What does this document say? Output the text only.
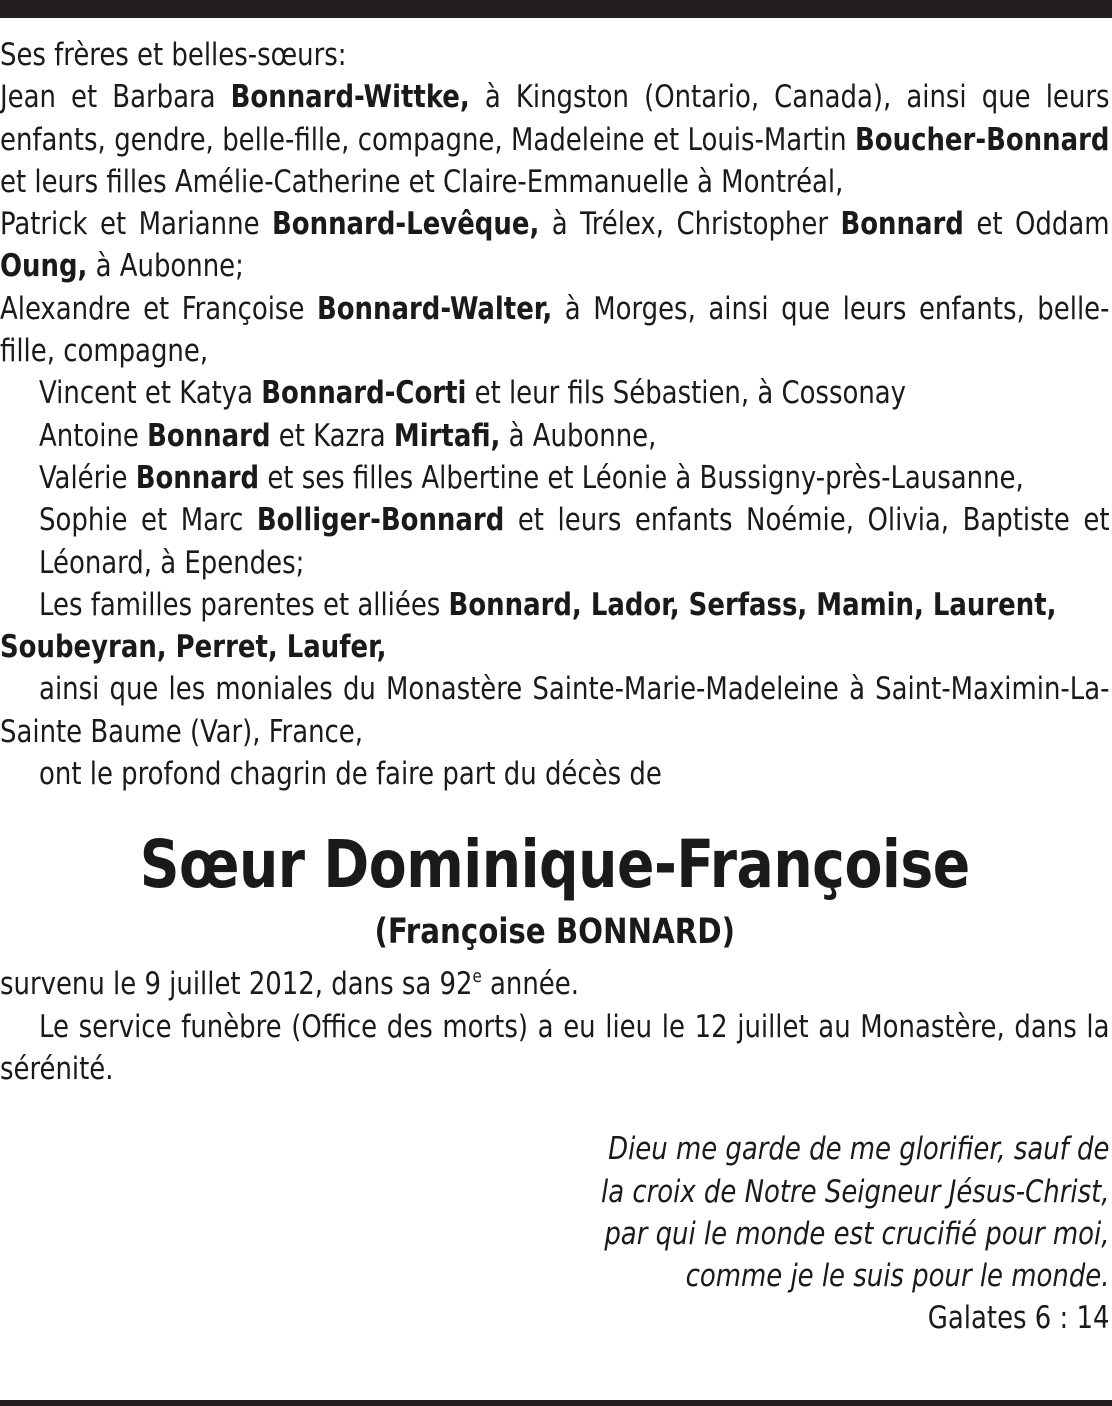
Ses frères et belles-sœurs:

Jean et Barbara Bonnard-Wittke, à Kingston (Ontario, Canada), ainsi que leurs enfants, gendre, belle-fille, compagne, Madeleine et Louis-Martin Boucher-Bonnard et leurs filles Amélie-Catherine et Claire-Emmanuelle à Montréal,

Patrick et Marianne Bonnard-Levêque, à Trélex, Christopher Bonnard et Oddam Oung, à Aubonne;

Alexandre et Françoise Bonnard-Walter, à Morges, ainsi que leurs enfants, belle-fille, compagne,

Vincent et Katya Bonnard-Corti et leur fils Sébastien, à Cossonay

Antoine Bonnard et Kazra Mirtafi, à Aubonne,

Valérie Bonnard et ses filles Albertine et Léonie à Bussigny-près-Lausanne,

Sophie et Marc Bolliger-Bonnard et leurs enfants Noémie, Olivia, Baptiste et Léonard, à Ependes;

Les familles parentes et alliées Bonnard, Lador, Serfass, Mamin, Laurent, Soubeyran, Perret, Laufer,

ainsi que les moniales du Monastère Sainte-Marie-Madeleine à Saint-Maximin-La-Sainte Baume (Var), France,

ont le profond chagrin de faire part du décès de

Sœur Dominique-Françoise
(Françoise BONNARD)

survenu le 9 juillet 2012, dans sa 92e année.

Le service funèbre (Office des morts) a eu lieu le 12 juillet au Monastère, dans la sérénité.

Dieu me garde de me glorifier, sauf de
la croix de Notre Seigneur Jésus-Christ,
par qui le monde est crucifié pour moi,
comme je le suis pour le monde.
Galates 6 : 14
